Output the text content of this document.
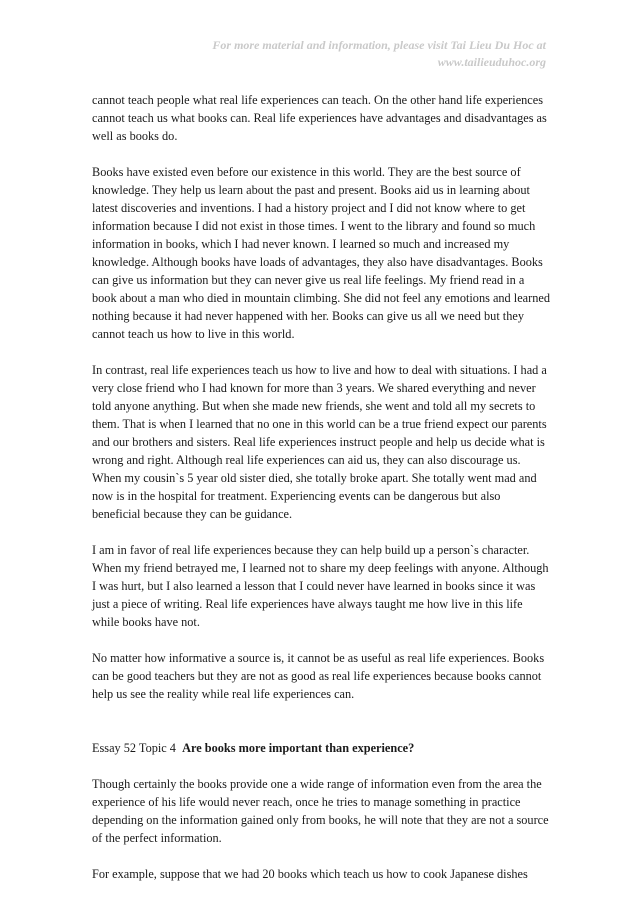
For more material and information, please visit Tai Lieu Du Hoc at
www.tailieuduhoc.org

cannot teach people what real life experiences can teach. On the other hand life experiences cannot teach us what books can. Real life experiences have advantages and disadvantages as well as books do.

Books have existed even before our existence in this world. They are the best source of knowledge. They help us learn about the past and present. Books aid us in learning about latest discoveries and inventions. I had a history project and I did not know where to get information because I did not exist in those times. I went to the library and found so much information in books, which I had never known. I learned so much and increased my knowledge. Although books have loads of advantages, they also have disadvantages. Books can give us information but they can never give us real life feelings. My friend read in a book about a man who died in mountain climbing. She did not feel any emotions and learned nothing because it had never happened with her. Books can give us all we need but they cannot teach us how to live in this world.

In contrast, real life experiences teach us how to live and how to deal with situations. I had a very close friend who I had known for more than 3 years. We shared everything and never told anyone anything. But when she made new friends, she went and told all my secrets to them. That is when I learned that no one in this world can be a true friend expect our parents and our brothers and sisters. Real life experiences instruct people and help us decide what is wrong and right. Although real life experiences can aid us, they can also discourage us. When my cousin`s 5 year old sister died, she totally broke apart. She totally went mad and now is in the hospital for treatment. Experiencing events can be dangerous but also beneficial because they can be guidance.

I am in favor of real life experiences because they can help build up a person`s character. When my friend betrayed me, I learned not to share my deep feelings with anyone. Although I was hurt, but I also learned a lesson that I could never have learned in books since it was just a piece of writing. Real life experiences have always taught me how live in this life while books have not.

No matter how informative a source is, it cannot be as useful as real life experiences. Books can be good teachers but they are not as good as real life experiences because books cannot help us see the reality while real life experiences can.

Essay 52 Topic 4 Are books more important than experience?

Though certainly the books provide one a wide range of information even from the area the experience of his life would never reach, once he tries to manage something in practice depending on the information gained only from books, he will note that they are not a source of the perfect information.

For example, suppose that we had 20 books which teach us how to cook Japanese dishes
